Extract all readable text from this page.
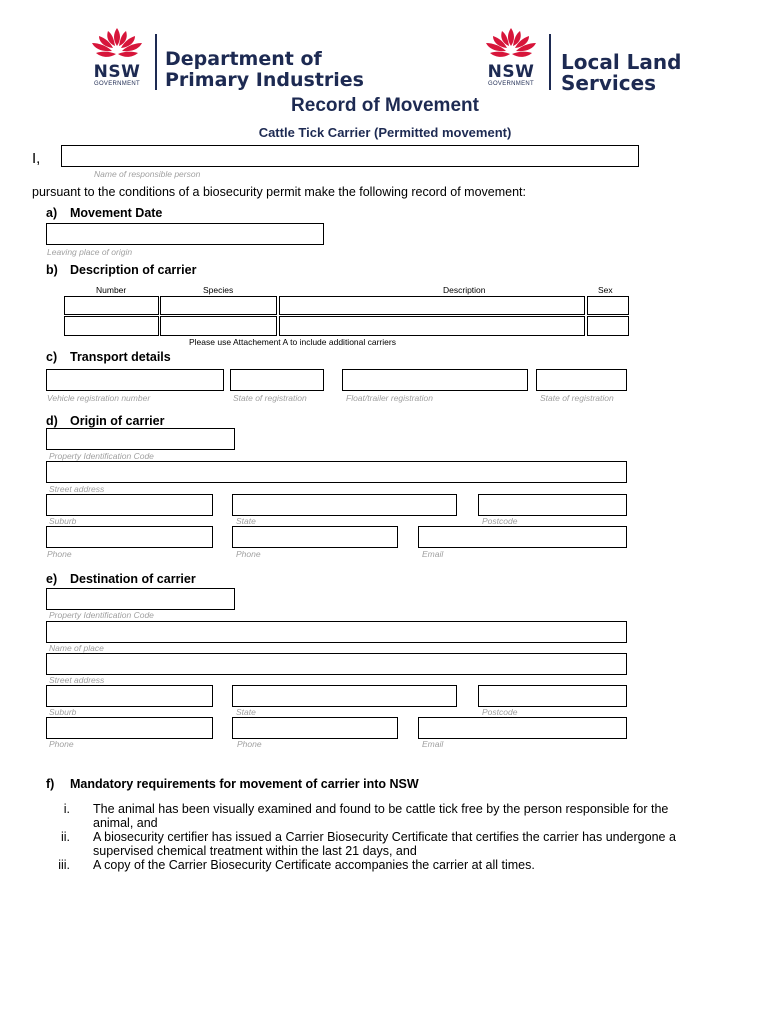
NSW
GOVERNMENT
Department of
Primary Industries	NSW
GOVERNMENT
Local Land
Services
Record of Movement
Cattle Tick Carrier (Permitted movement)
I,
Name of responsible person
pursuant to the conditions of a biosecurity permit make the following record of movement:
a) Movement Date
Leaving place of origin
b) Description of carrier
Number	Species	Description	Sex
Please use Attachement A to include additional carriers
c) Transport details
Vehicle registration number	State of registration	Float/trailer registration	State of registration
d) Origin of carrier
Property Identification Code
Street address
Suburb	State	Postcode
Phone	Phone	Email
e) Destination of carrier
Property Identification Code
Name of place
Street address
Suburb	State	Postcode
Phone	Phone	Email
f) Mandatory requirements for movement of carrier into NSW
i. The animal has been visually examined and found to be cattle tick free by the person responsible for the animal, and
ii. A biosecurity certifier has issued a Carrier Biosecurity Certificate that certifies the carrier has undergone a supervised chemical treatment within the last 21 days, and
iii. A copy of the Carrier Biosecurity Certificate accompanies the carrier at all times.
